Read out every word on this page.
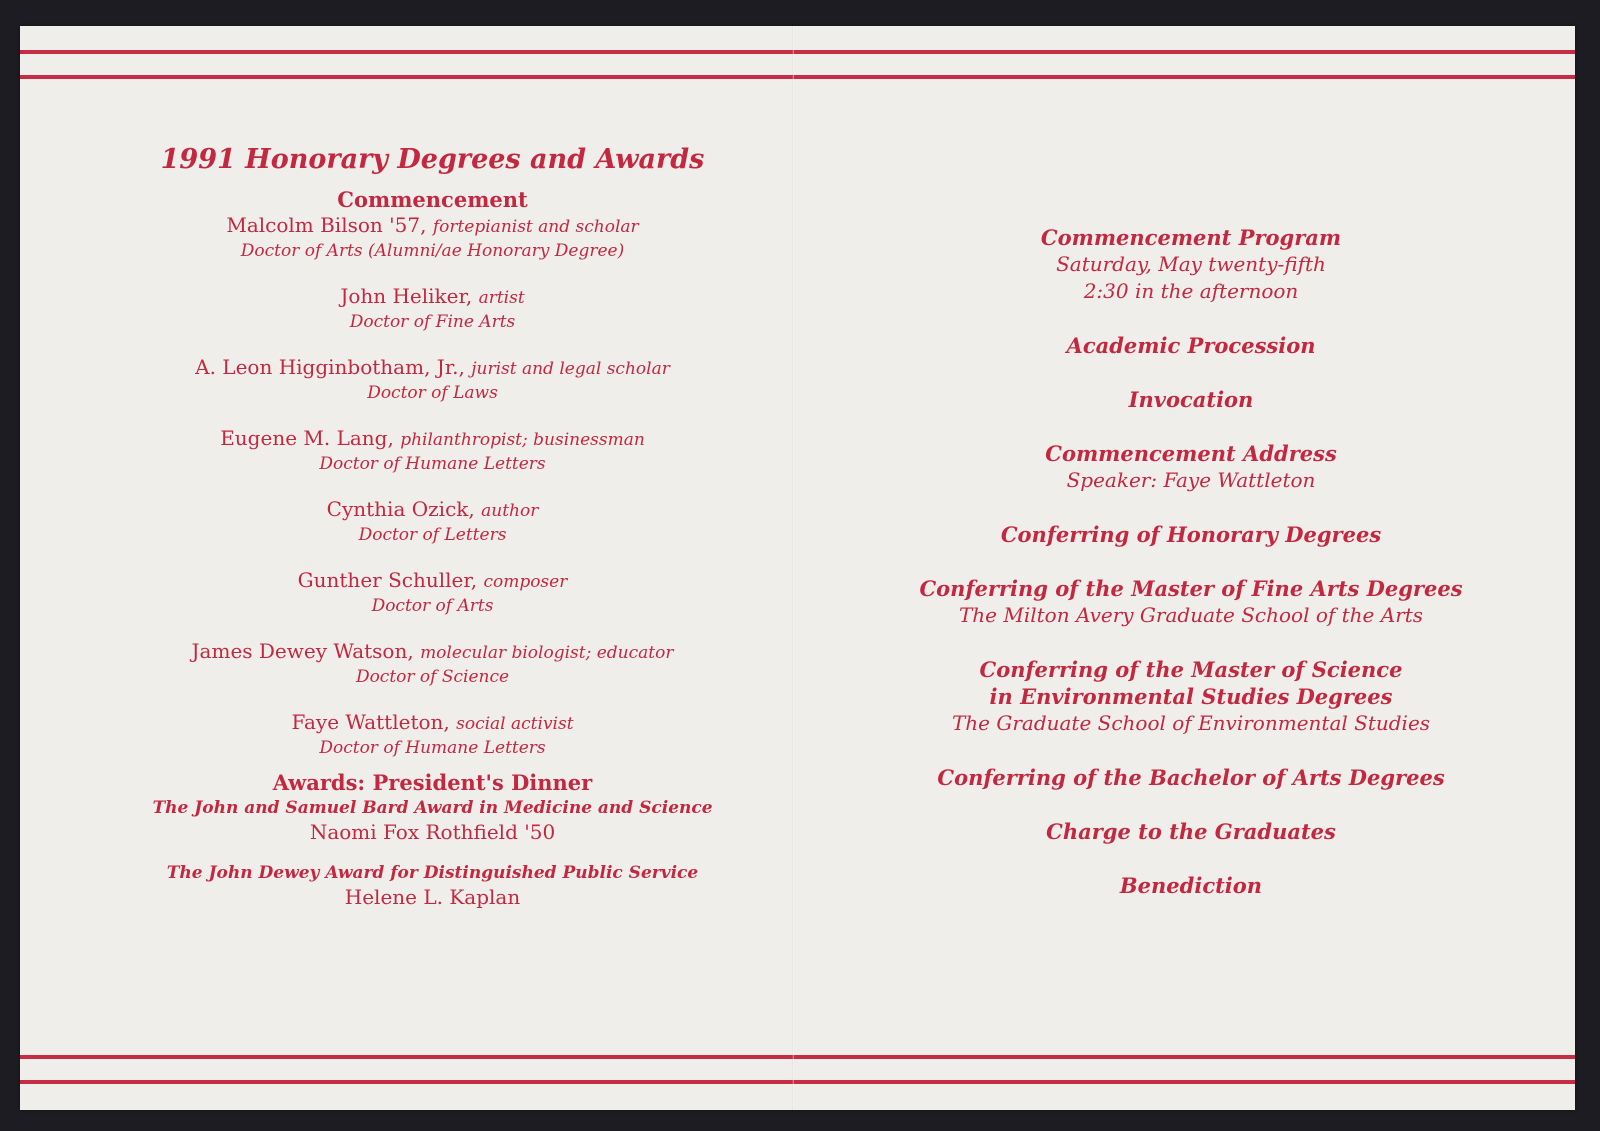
1991 Honorary Degrees and Awards
Commencement
Malcolm Bilson '57, fortepianist and scholar
Doctor of Arts (Alumni/ae Honorary Degree)
John Heliker, artist
Doctor of Fine Arts
A. Leon Higginbotham, Jr., jurist and legal scholar
Doctor of Laws
Eugene M. Lang, philanthropist; businessman
Doctor of Humane Letters
Cynthia Ozick, author
Doctor of Letters
Gunther Schuller, composer
Doctor of Arts
James Dewey Watson, molecular biologist; educator
Doctor of Science
Faye Wattleton, social activist
Doctor of Humane Letters
Awards: President's Dinner
The John and Samuel Bard Award in Medicine and Science
Naomi Fox Rothfield '50
The John Dewey Award for Distinguished Public Service
Helene L. Kaplan
Commencement Program
Saturday, May twenty-fifth
2:30 in the afternoon
Academic Procession
Invocation
Commencement Address
Speaker: Faye Wattleton
Conferring of Honorary Degrees
Conferring of the Master of Fine Arts Degrees
The Milton Avery Graduate School of the Arts
Conferring of the Master of Science
in Environmental Studies Degrees
The Graduate School of Environmental Studies
Conferring of the Bachelor of Arts Degrees
Charge to the Graduates
Benediction
